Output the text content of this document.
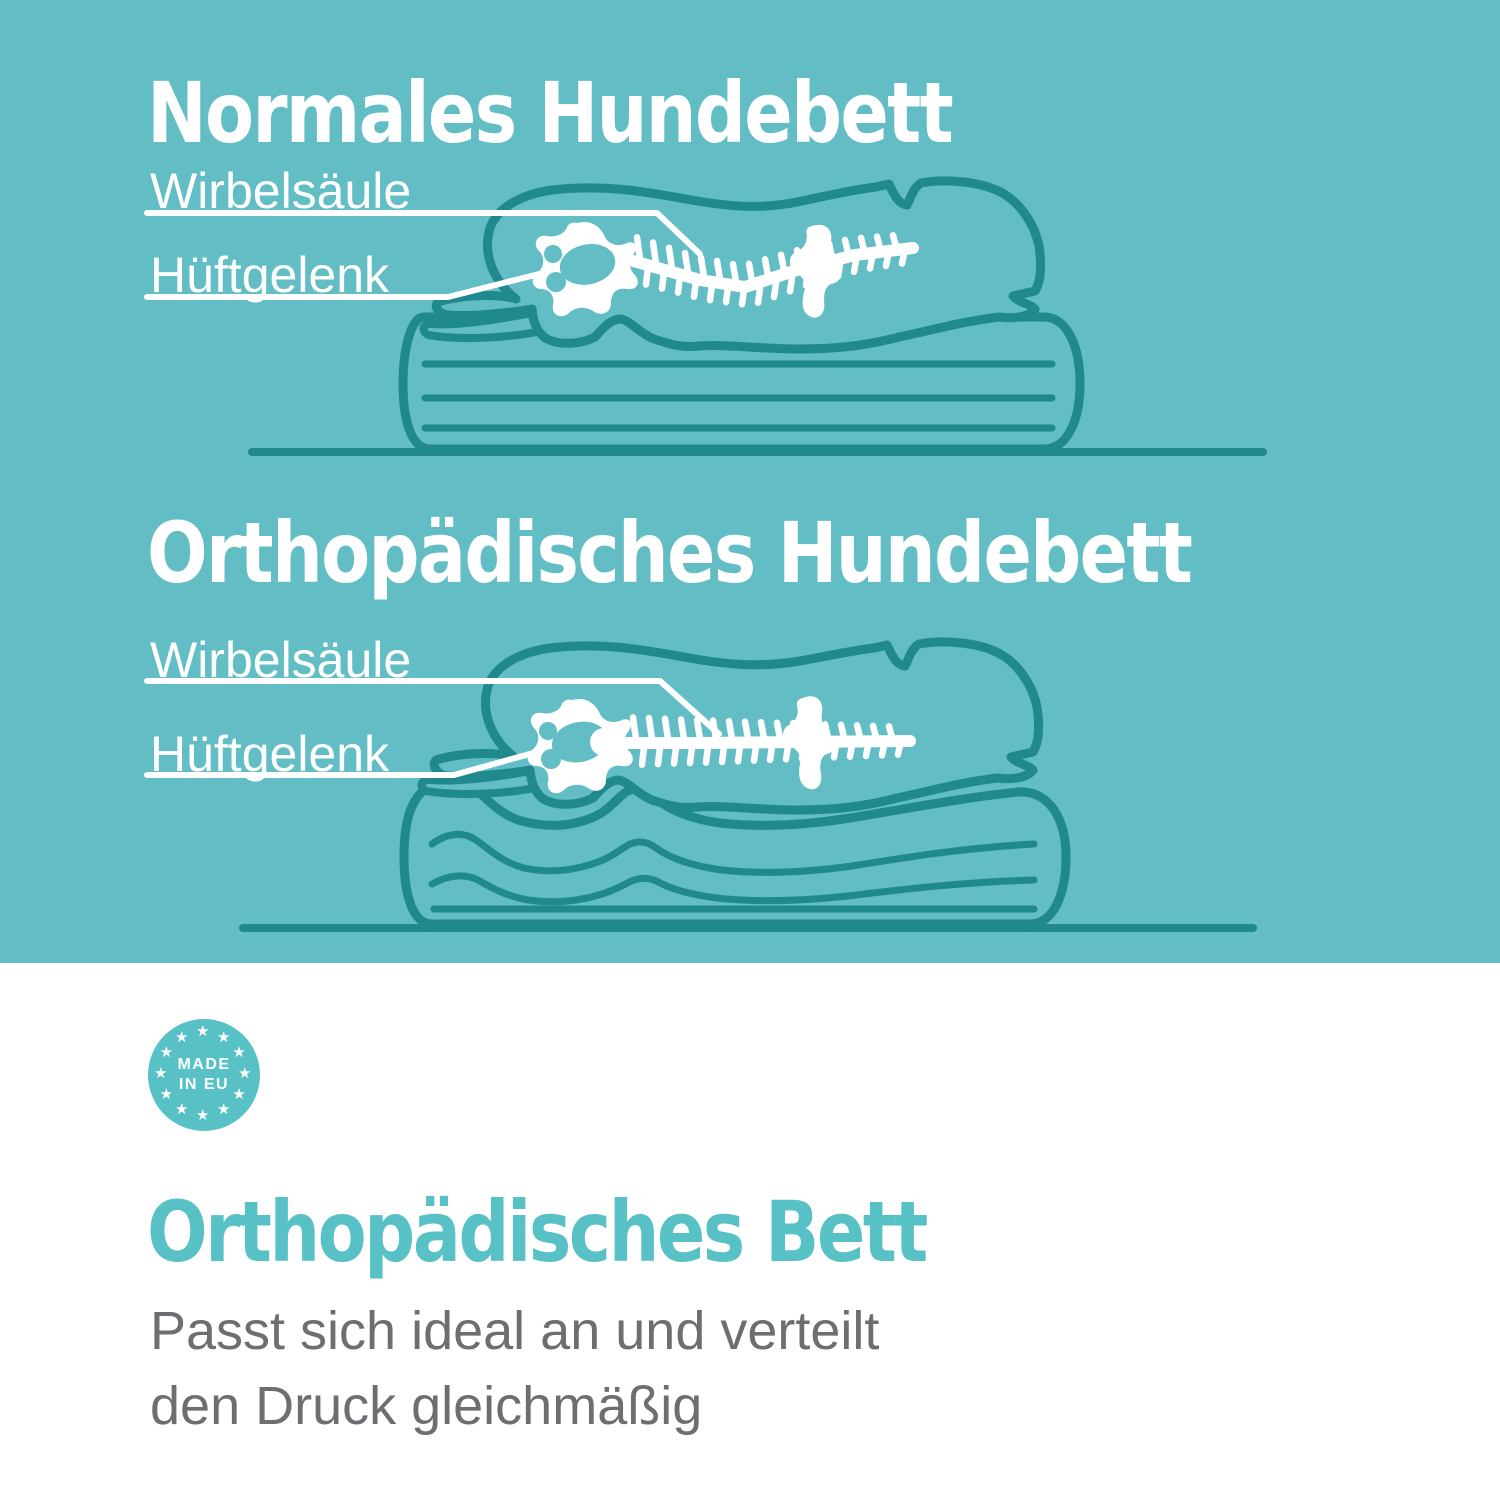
Normales Hundebett
Wirbelsäule
Hüftgelenk
Orthopädisches Hundebett
Wirbelsäule
Hüftgelenk
★ ★
★
★
★
★
★
★
★
★
★
★
MADE
IN EU
Orthopädisches Bett
Passt sich ideal an und verteilt
den Druck gleichmäßig
